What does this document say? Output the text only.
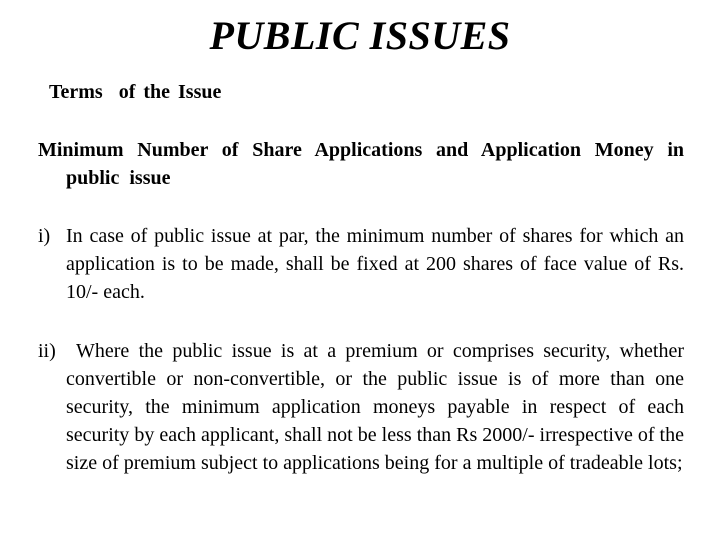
PUBLIC ISSUES
Terms  of the Issue

Minimum Number of Share Applications and Application Money in public issue

i) In case of public issue at par, the minimum number of shares for which an application is to be made, shall be fixed at 200 shares of face value of Rs. 10/- each.

ii) Where the public issue is at a premium or comprises security, whether convertible or non-convertible, or the public issue is of more than one security, the minimum application moneys payable in respect of each security by each applicant, shall not be less than Rs 2000/- irrespective of the size of premium subject to applications being for a multiple of tradeable lots;
